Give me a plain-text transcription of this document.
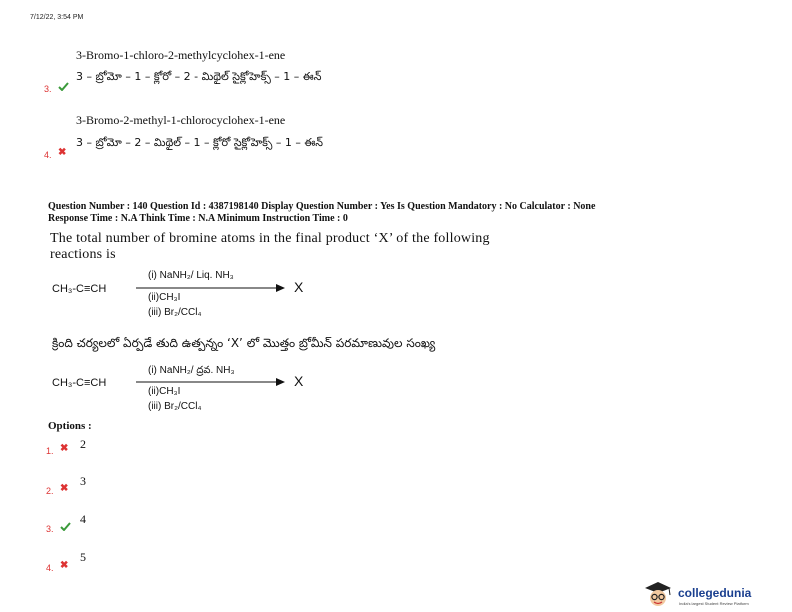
7/12/22, 3:54 PM
3-Bromo-1-chloro-2-methylcyclohex-1-ene
3.
3 – బ్రోమో – 1 – క్లోరో – 2 - మిథైల్ సైక్లోహెక్స్ – 1 – ఈన్
3-Bromo-2-methyl-1-chlorocyclohex-1-ene
4. ✖
3 – బ్రోమో – 2 – మిథైల్ – 1 – క్లోరో సైక్లోహెక్స్ – 1 – ఈన్
Question Number : 140 Question Id : 4387198140 Display Question Number : Yes Is Question Mandatory : No Calculator : None
Response Time : N.A Think Time : N.A Minimum Instruction Time : 0
The total number of bromine atoms in the final product ‘X’ of the following
reactions is
CH₃-C≡CH
(i) NaNH₂/ Liq. NH₃
(ii)CH₃I
(iii) Br₂/CCl₄
X
క్రింది చర్యలలో ఏర్పడే తుది ఉత్పన్నం ‘X’ లో మొత్తం బ్రోమీన్ పరమాణువుల సంఖ్య
CH₃-C≡CH
(i) NaNH₂/ ద్రవ. NH₃
(ii)CH₃I
(iii) Br₂/CCl₄
X
Options :
1. ✖ 2
2. ✖
3
3.
4
4. ✖
5
collegedunia
India's largest Student Review Platform
